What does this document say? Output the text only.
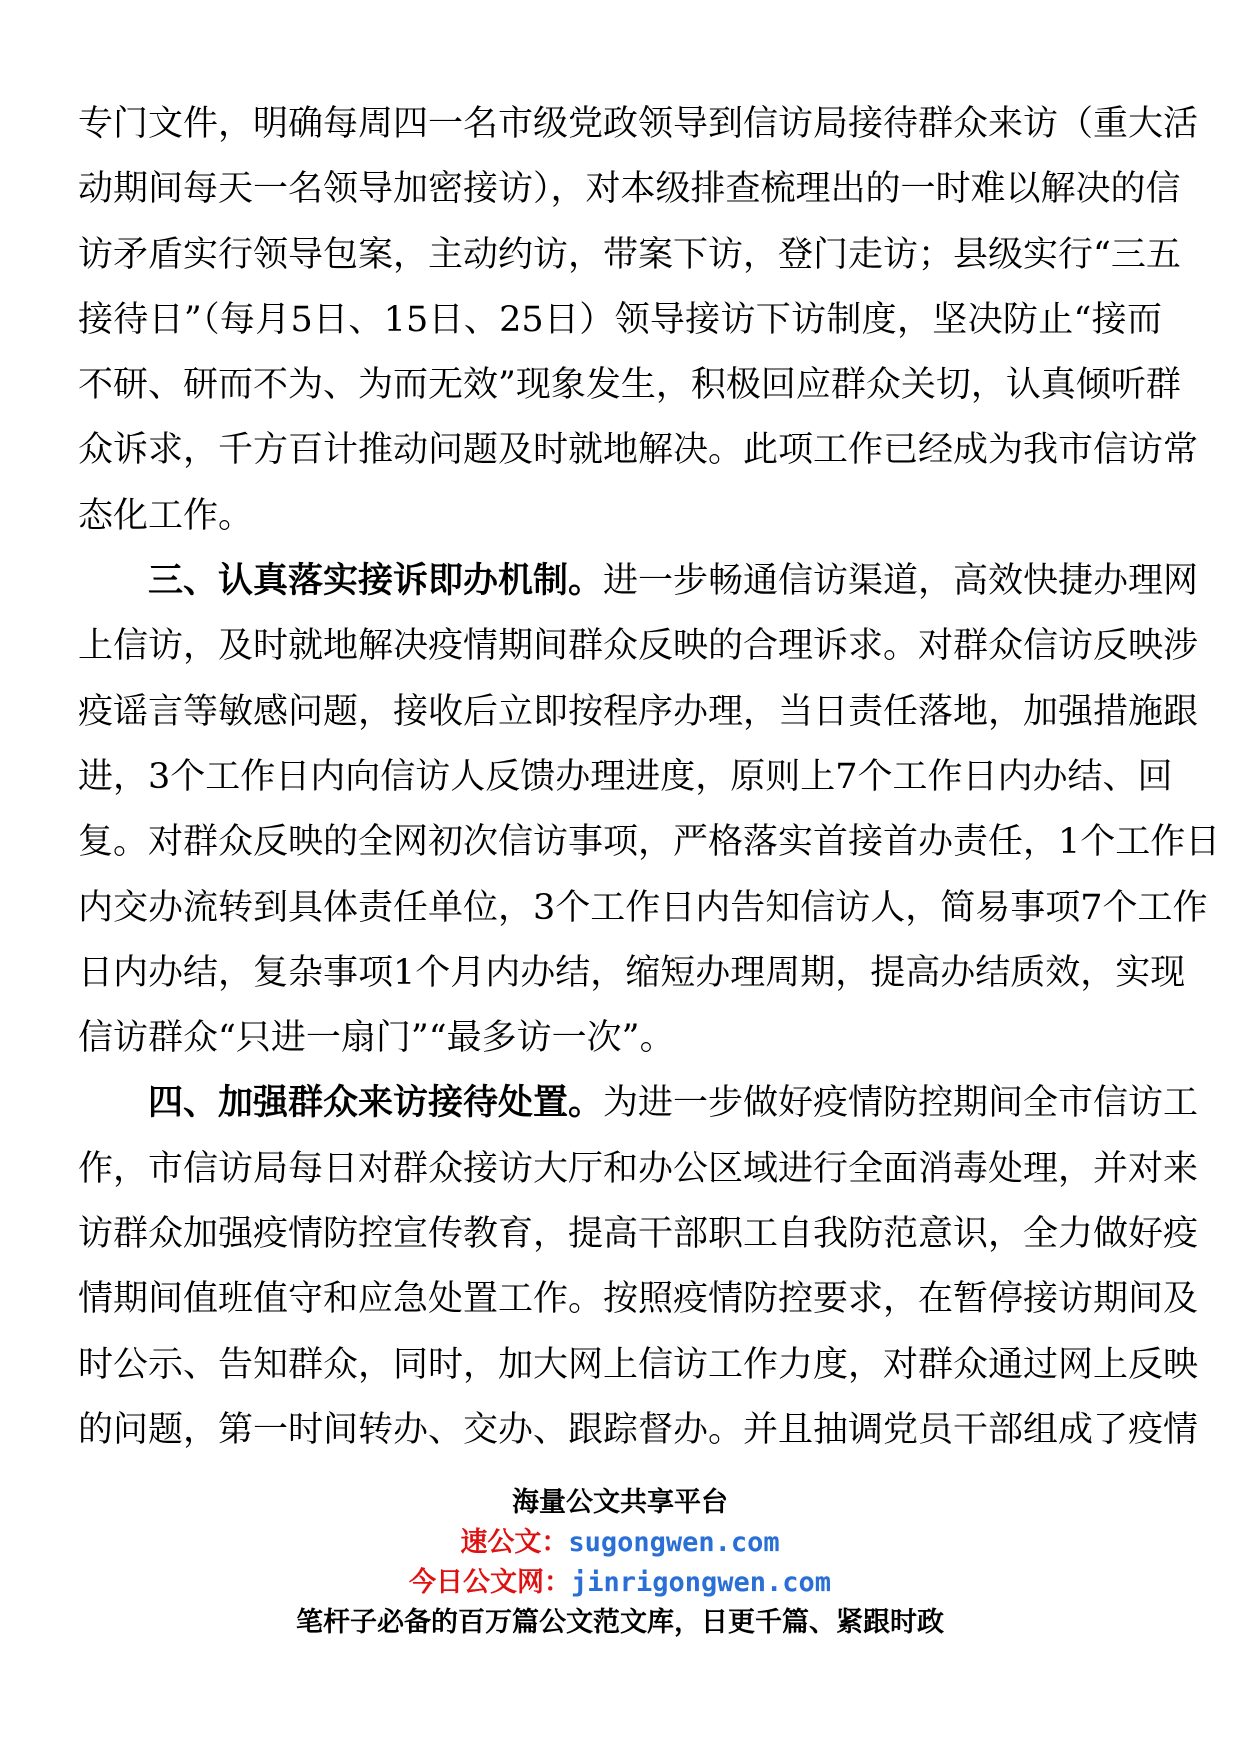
专门文件，明确每周四一名市级党政领导到信访局接待群众来访（重大活
动期间每天一名领导加密接访），对本级排查梳理出的一时难以解决的信
访矛盾实行领导包案，主动约访，带案下访，登门走访；县级实行“三五
接待日”（每月5日、15日、25日）领导接访下访制度，坚决防止“接而
不研、研而不为、为而无效”现象发生，积极回应群众关切，认真倾听群
众诉求，千方百计推动问题及时就地解决。此项工作已经成为我市信访常
态化工作。
三、认真落实接诉即办机制。进一步畅通信访渠道，高效快捷办理网
上信访，及时就地解决疫情期间群众反映的合理诉求。对群众信访反映涉
疫谣言等敏感问题，接收后立即按程序办理，当日责任落地，加强措施跟
进，3个工作日内向信访人反馈办理进度，原则上7个工作日内办结、回
复。对群众反映的全网初次信访事项，严格落实首接首办责任，1个工作日
内交办流转到具体责任单位，3个工作日内告知信访人，简易事项7个工作
日内办结，复杂事项1个月内办结，缩短办理周期，提高办结质效，实现
信访群众“只进一扇门”“最多访一次”。
四、加强群众来访接待处置。为进一步做好疫情防控期间全市信访工
作，市信访局每日对群众接访大厅和办公区域进行全面消毒处理，并对来
访群众加强疫情防控宣传教育，提高干部职工自我防范意识，全力做好疫
情期间值班值守和应急处置工作。按照疫情防控要求，在暂停接访期间及
时公示、告知群众，同时，加大网上信访工作力度，对群众通过网上反映
的问题，第一时间转办、交办、跟踪督办。并且抽调党员干部组成了疫情
海量公文共享平台
速公文：sugongwen.com
今日公文网：jinrigongwen.com
笔杆子必备的百万篇公文范文库，日更千篇、紧跟时政
